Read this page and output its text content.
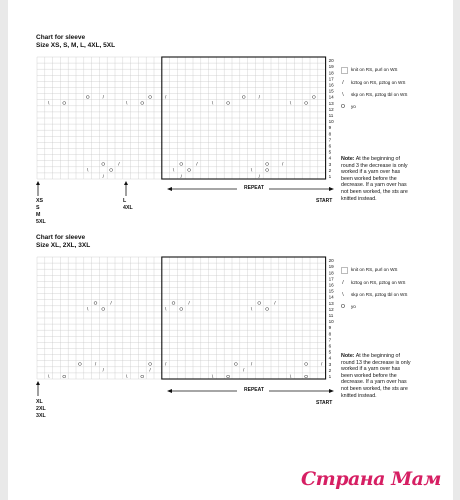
Chart for sleeve
Size XS, S, M, L, 4XL, 5XL
20
19
18
17
16
15
14
13
12
11
10
9
8
7
6
5
4
3
2
1
/
\	O
O	/
\	O
O	/
\	O
O	/
/
\	O
O	/
\	O
O	/
/
\	O
O	/
\	O
O
knit on RS, purl on WS
/	k2tog on RS, p2tog on WS
\	skp on RS, p2tog tbl on WS
O yo
Note: At the beginning of round 3 the decrease is only worked if a yarn over has been worked before the decrease. If a yarn over has not been worked, the sts are knitted instead.
REPEAT
START
XS
S
M
5XL
L
4XL
Chart for sleeve
Size XL, 2XL, 3XL
20
19
18
17
16
15
14
13
12
11
10
9
8
7
6
5
4
3
2
1
\	O
/
O	/
\	O
O	/
\	O
/
O	/
\	O
O	/
\	O
/
O	/
\	O
O	/
\	O
O	/
knit on RS, purl on WS
/	k2tog on RS, p2tog on WS
\	skp on RS, p2tog tbl on WS
O yo
Note: At the beginning of round 13 the decrease is only worked if a yarn over has been worked before the decrease. If a yarn over has not been worked, the sts are knitted instead.
REPEAT
START
XL
2XL
3XL
Страна Мам
